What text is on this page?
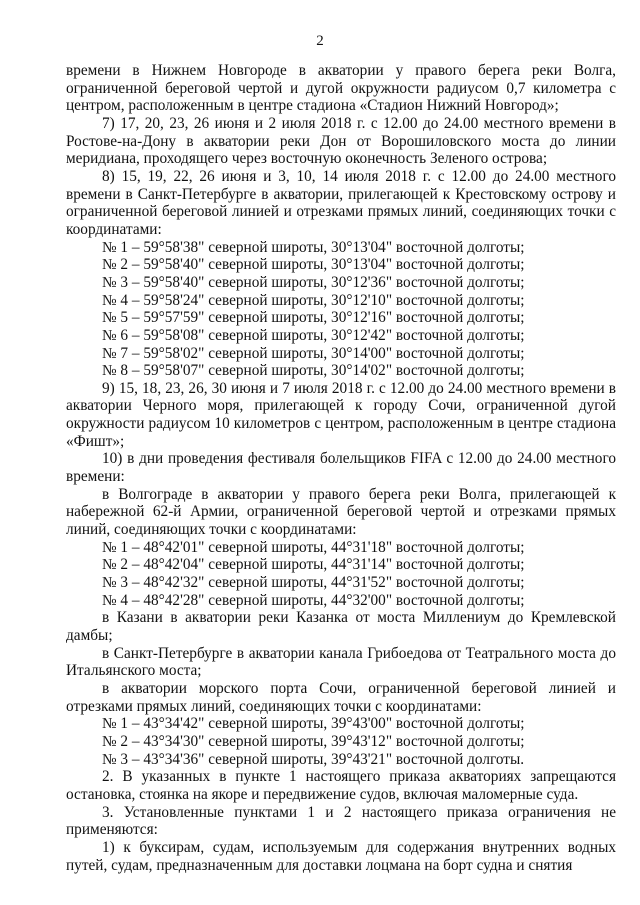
2

времени в Нижнем Новгороде в акватории у правого берега реки Волга, ограниченной береговой чертой и дугой окружности радиусом 0,7 километра с центром, расположенным в центре стадиона «Стадион Нижний Новгород»;

7) 17, 20, 23, 26 июня и 2 июля 2018 г. с 12.00 до 24.00 местного времени в Ростове-на-Дону в акватории реки Дон от Ворошиловского моста до линии меридиана, проходящего через восточную оконечность Зеленого острова;

8) 15, 19, 22, 26 июня и 3, 10, 14 июля 2018 г. с 12.00 до 24.00 местного времени в Санкт-Петербурге в акватории, прилегающей к Крестовскому острову и ограниченной береговой линией и отрезками прямых линий, соединяющих точки с координатами:

№ 1 – 59°58'38" северной широты, 30°13'04" восточной долготы;

№ 2 – 59°58'40" северной широты, 30°13'04" восточной долготы;

№ 3 – 59°58'40" северной широты, 30°12'36" восточной долготы;

№ 4 – 59°58'24" северной широты, 30°12'10" восточной долготы;

№ 5 – 59°57'59" северной широты, 30°12'16" восточной долготы;

№ 6 – 59°58'08" северной широты, 30°12'42" восточной долготы;

№ 7 – 59°58'02" северной широты, 30°14'00" восточной долготы;

№ 8 – 59°58'07" северной широты, 30°14'02" восточной долготы;

9) 15, 18, 23, 26, 30 июня и 7 июля 2018 г. с 12.00 до 24.00 местного времени в акватории Черного моря, прилегающей к городу Сочи, ограниченной дугой окружности радиусом 10 километров с центром, расположенным в центре стадиона «Фишт»;

10) в дни проведения фестиваля болельщиков FIFA с 12.00 до 24.00 местного времени:

в Волгограде в акватории у правого берега реки Волга, прилегающей к набережной 62-й Армии, ограниченной береговой чертой и отрезками прямых линий, соединяющих точки с координатами:

№ 1 – 48°42'01" северной широты, 44°31'18" восточной долготы;

№ 2 – 48°42'04" северной широты, 44°31'14" восточной долготы;

№ 3 – 48°42'32" северной широты, 44°31'52" восточной долготы;

№ 4 – 48°42'28" северной широты, 44°32'00" восточной долготы;

в Казани в акватории реки Казанка от моста Миллениум до Кремлевской дамбы;

в Санкт-Петербурге в акватории канала Грибоедова от Театрального моста до Итальянского моста;

в акватории морского порта Сочи, ограниченной береговой линией и отрезками прямых линий, соединяющих точки с координатами:

№ 1 – 43°34'42" северной широты, 39°43'00" восточной долготы;

№ 2 – 43°34'30" северной широты, 39°43'12" восточной долготы;

№ 3 – 43°34'36" северной широты, 39°43'21" восточной долготы.

2. В указанных в пункте 1 настоящего приказа акваториях запрещаются остановка, стоянка на якоре и передвижение судов, включая маломерные суда.

3. Установленные пунктами 1 и 2 настоящего приказа ограничения не применяются:

1) к буксирам, судам, используемым для содержания внутренних водных путей, судам, предназначенным для доставки лоцмана на борт судна и снятия
